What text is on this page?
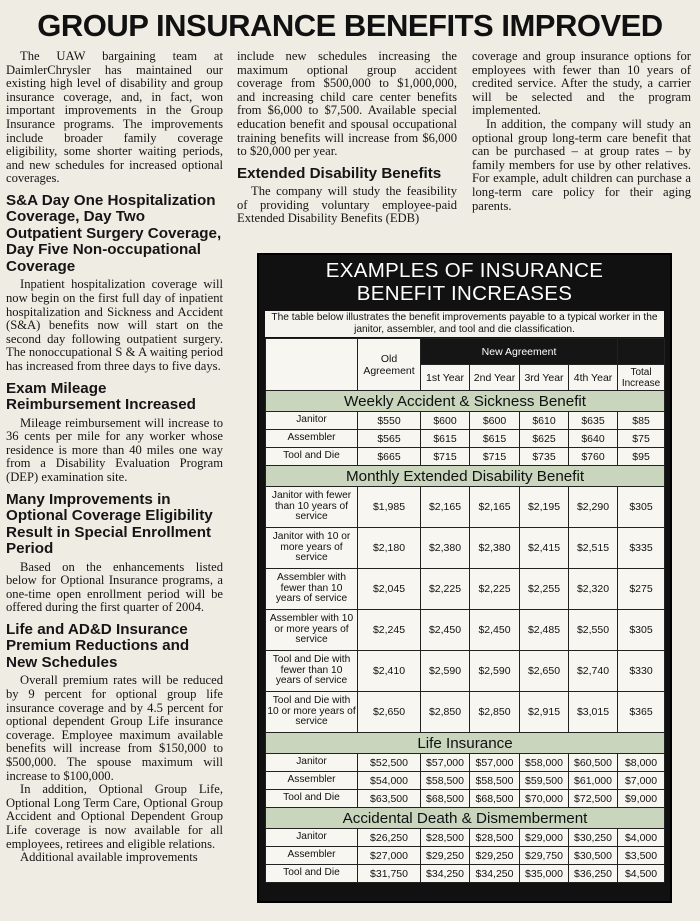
GROUP INSURANCE BENEFITS IMPROVED

The UAW bargaining team at DaimlerChrysler has maintained our existing high level of disability and group insurance coverage, and, in fact, won important improvements in the Group Insurance programs. The improvements include broader family coverage eligibility, some shorter waiting periods, and new schedules for increased optional coverages.

S&A Day One Hospitalization Coverage, Day Two Outpatient Surgery Coverage, Day Five Non-occupational Coverage

Inpatient hospitalization coverage will now begin on the first full day of inpatient hospitalization and Sickness and Accident (S&A) benefits now will start on the second day following outpatient surgery. The nonoccupational S & A waiting period has increased from three days to five days.

Exam Mileage Reimbursement Increased

Mileage reimbursement will increase to 36 cents per mile for any worker whose residence is more than 40 miles one way from a Disability Evaluation Program (DEP) examination site.

Many Improvements in Optional Coverage Eligibility Result in Special Enrollment Period

Based on the enhancements listed below for Optional Insurance programs, a one-time open enrollment period will be offered during the first quarter of 2004.

Life and AD&D Insurance Premium Reductions and New Schedules

Overall premium rates will be reduced by 9 percent for optional group life insurance coverage and by 4.5 percent for optional dependent Group Life insurance coverage. Employee maximum available benefits will increase from $150,000 to $500,000. The spouse maximum will increase to $100,000.

In addition, Optional Group Life, Optional Long Term Care, Optional Group Accident and Optional Dependent Group Life coverage is now available for all employees, retirees and eligible relations.

Additional available improvements

include new schedules increasing the maximum optional group accident coverage from $500,000 to $1,000,000, and increasing child care center benefits from $6,000 to $7,500. Available special education benefit and spousal occupational training benefits will increase from $6,000 to $20,000 per year.

Extended Disability Benefits

The company will study the feasibility of providing voluntary employee-paid Extended Disability Benefits (EDB)

coverage and group insurance options for employees with fewer than 10 years of credited service. After the study, a carrier will be selected and the program implemented.

In addition, the company will study an optional group long-term care benefit that can be purchased – at group rates – by family members for use by other relatives. For example, adult children can purchase a long-term care policy for their aging parents.

EXAMPLES OF INSURANCE
BENEFIT INCREASES
The table below illustrates the benefit improvements payable to a typical worker in the janitor, assembler, and tool and die classification.
	Old Agreement	New Agreement				
		1st Year	2nd Year	3rd Year	4th Year	Total Increase
Weekly Accident & Sickness Benefit						
Janitor	$550	$600	$600	$610	$635	$85
Assembler	$565	$615	$615	$625	$640	$75
Tool and Die	$665	$715	$715	$735	$760	$95
Monthly Extended Disability Benefit						
Janitor with fewer than 10 years of service	$1,985	$2,165	$2,165	$2,195	$2,290	$305
Janitor with 10 or more years of service	$2,180	$2,380	$2,380	$2,415	$2,515	$335
Assembler with fewer than 10 years of service	$2,045	$2,225	$2,225	$2,255	$2,320	$275
Assembler with 10 or more years of service	$2,245	$2,450	$2,450	$2,485	$2,550	$305
Tool and Die with fewer than 10 years of service	$2,410	$2,590	$2,590	$2,650	$2,740	$330
Tool and Die with 10 or more years of service	$2,650	$2,850	$2,850	$2,915	$3,015	$365
Life Insurance						
Janitor	$52,500	$57,000	$57,000	$58,000	$60,500	$8,000
Assembler	$54,000	$58,500	$58,500	$59,500	$61,000	$7,000
Tool and Die	$63,500	$68,500	$68,500	$70,000	$72,500	$9,000
Accidental Death & Dismemberment						
Janitor	$26,250	$28,500	$28,500	$29,000	$30,250	$4,000
Assembler	$27,000	$29,250	$29,250	$29,750	$30,500	$3,500
Tool and Die	$31,750	$34,250	$34,250	$35,000	$36,250	$4,500
